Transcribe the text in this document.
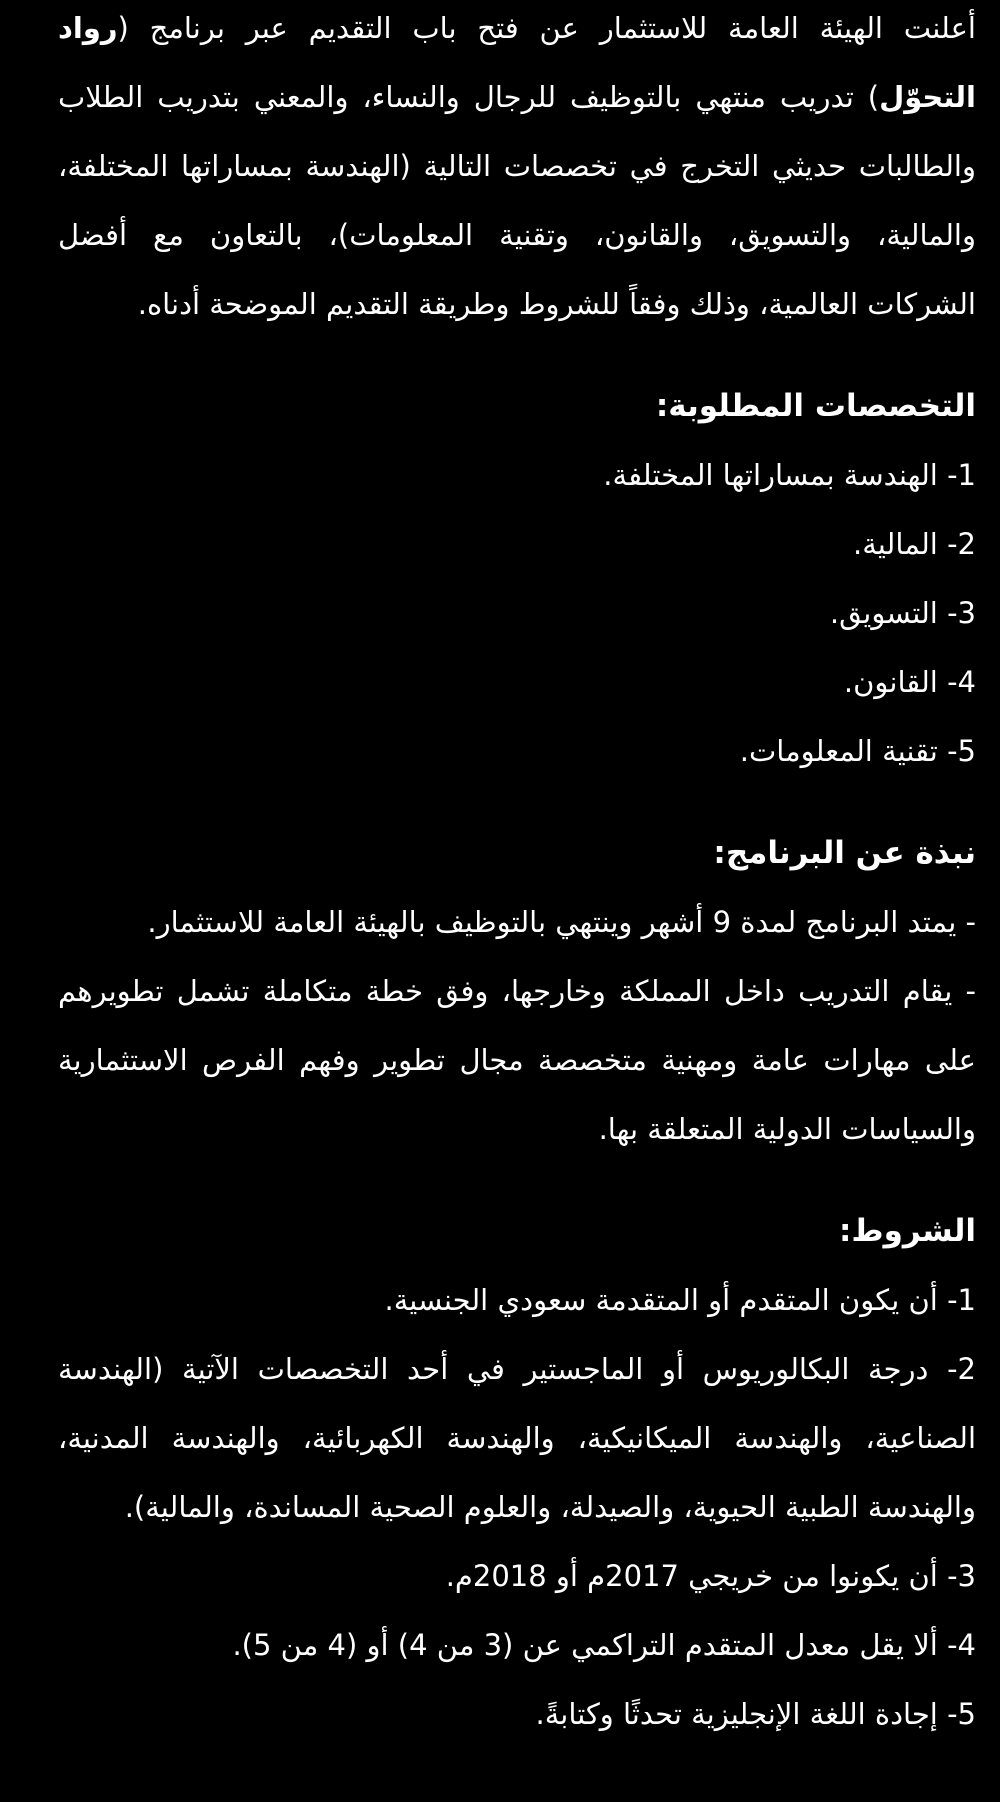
أعلنت الهيئة العامة للاستثمار عن فتح باب التقديم عبر برنامج (رواد التحوّل) تدريب منتهي بالتوظيف للرجال والنساء، والمعني بتدريب الطلاب والطالبات حديثي التخرج في تخصصات التالية (الهندسة بمساراتها المختلفة، والمالية، والتسويق، والقانون، وتقنية المعلومات)، بالتعاون مع أفضل الشركات العالمية، وذلك وفقاً للشروط وطريقة التقديم الموضحة أدناه.

التخصصات المطلوبة:
1- الهندسة بمساراتها المختلفة.
2- المالية.
3- التسويق.
4- القانون.
5- تقنية المعلومات.
نبذة عن البرنامج:
- يمتد البرنامج لمدة 9 أشهر وينتهي بالتوظيف بالهيئة العامة للاستثمار.
- يقام التدريب داخل المملكة وخارجها، وفق خطة متكاملة تشمل تطويرهم على مهارات عامة ومهنية متخصصة مجال تطوير وفهم الفرص الاستثمارية والسياسات الدولية المتعلقة بها.
الشروط:
1- أن يكون المتقدم أو المتقدمة سعودي الجنسية.
2- درجة البكالوريوس أو الماجستير في أحد التخصصات الآتية (الهندسة الصناعية، والهندسة الميكانيكية، والهندسة الكهربائية، والهندسة المدنية، والهندسة الطبية الحيوية، والصيدلة، والعلوم الصحية المساندة، والمالية).
3- أن يكونوا من خريجي 2017م أو 2018م.
4- ألا يقل معدل المتقدم التراكمي عن (3 من 4) أو (4 من 5).
5- إجادة اللغة الإنجليزية تحدثًا وكتابةً.
